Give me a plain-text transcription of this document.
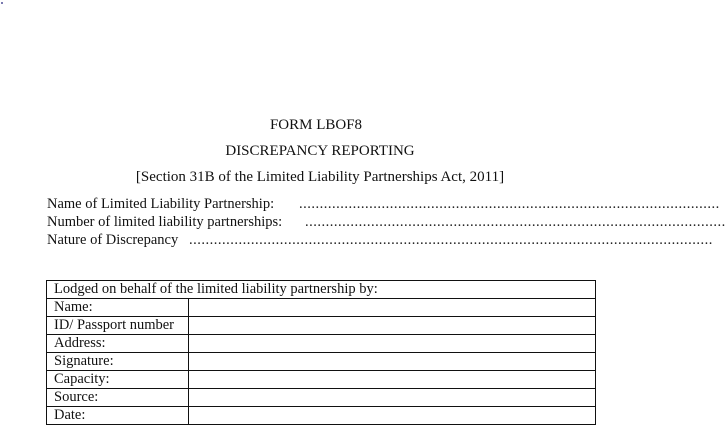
FORM LBOF8
DISCREPANCY REPORTING
[Section 31B of the Limited Liability Partnerships Act, 2011]
Name of Limited Liability Partnership: ......................................................................................................
Number of limited liability partnerships: ......................................................................................................
Nature of Discrepancy ...............................................................................................................................
Lodged on behalf of the limited liability partnership by:	
Name:	
ID/ Passport number	
Address:	
Signature:	
Capacity:	
Source:	
Date:	
